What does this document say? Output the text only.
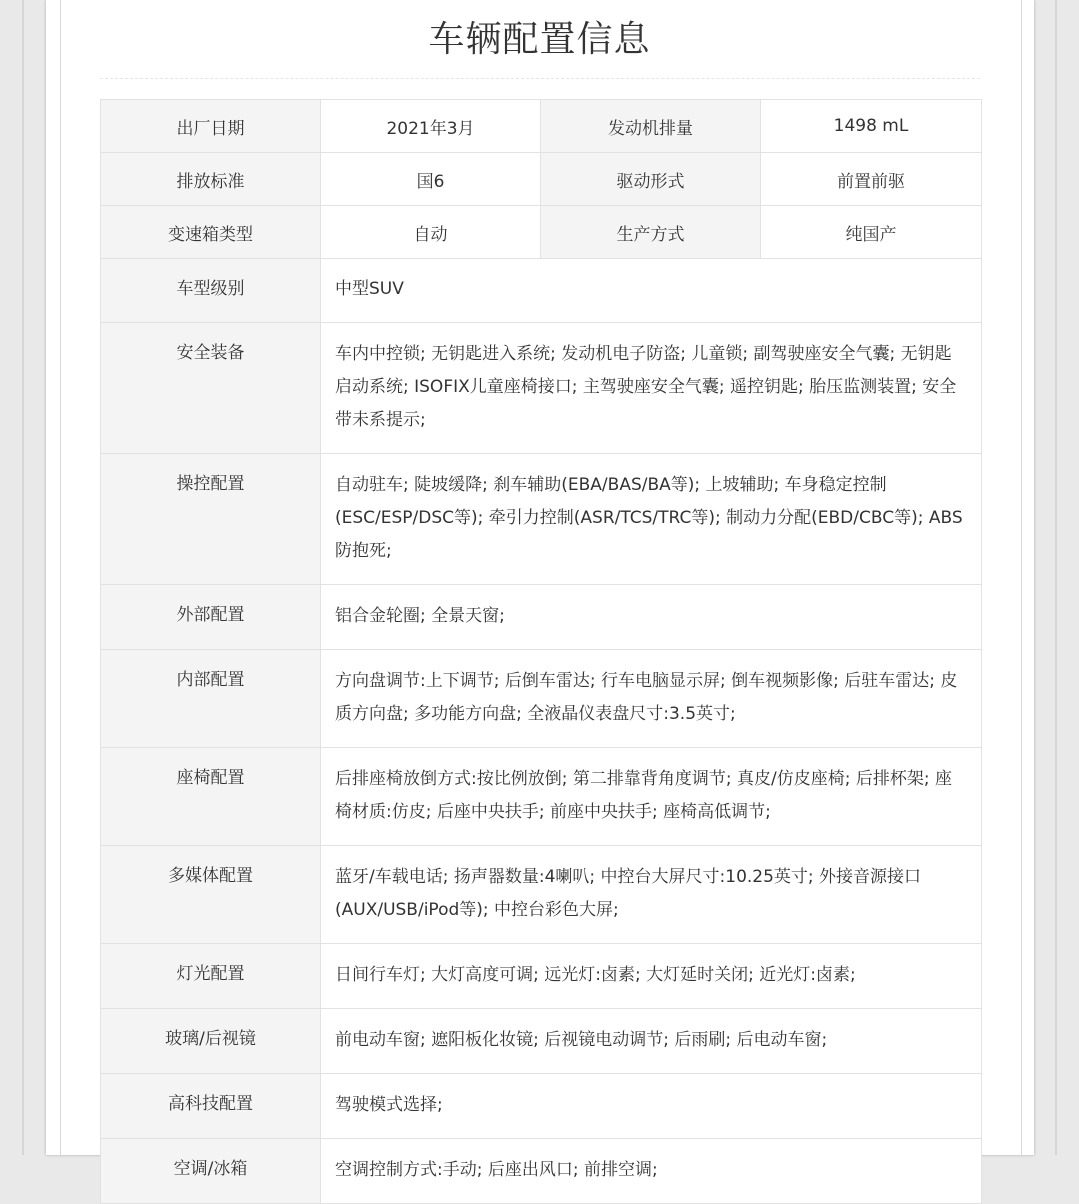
车辆配置信息
出厂日期	2021年3月	发动机排量	1498 mL
排放标准	国6	驱动形式	前置前驱
变速箱类型	自动	生产方式	纯国产
车型级别	中型SUV		
安全装备	车内中控锁; 无钥匙进入系统; 发动机电子防盗; 儿童锁; 副驾驶座安全气囊; 无钥匙启动系统; ISOFIX儿童座椅接口; 主驾驶座安全气囊; 遥控钥匙; 胎压监测装置; 安全带未系提示;		
操控配置	自动驻车; 陡坡缓降; 刹车辅助(EBA/BAS/BA等); 上坡辅助; 车身稳定控制(ESC/ESP/DSC等); 牵引力控制(ASR/TCS/TRC等); 制动力分配(EBD/CBC等); ABS防抱死;		
外部配置	铝合金轮圈; 全景天窗;		
内部配置	方向盘调节:上下调节; 后倒车雷达; 行车电脑显示屏; 倒车视频影像; 后驻车雷达; 皮质方向盘; 多功能方向盘; 全液晶仪表盘尺寸:3.5英寸;		
座椅配置	后排座椅放倒方式:按比例放倒; 第二排靠背角度调节; 真皮/仿皮座椅; 后排杯架; 座椅材质:仿皮; 后座中央扶手; 前座中央扶手; 座椅高低调节;		
多媒体配置	蓝牙/车载电话; 扬声器数量:4喇叭; 中控台大屏尺寸:10.25英寸; 外接音源接口(AUX/USB/iPod等); 中控台彩色大屏;		
灯光配置	日间行车灯; 大灯高度可调; 远光灯:卤素; 大灯延时关闭; 近光灯:卤素;		
玻璃/后视镜	前电动车窗; 遮阳板化妆镜; 后视镜电动调节; 后雨刷; 后电动车窗;		
高科技配置	驾驶模式选择;		
空调/冰箱	空调控制方式:手动; 后座出风口; 前排空调;		
